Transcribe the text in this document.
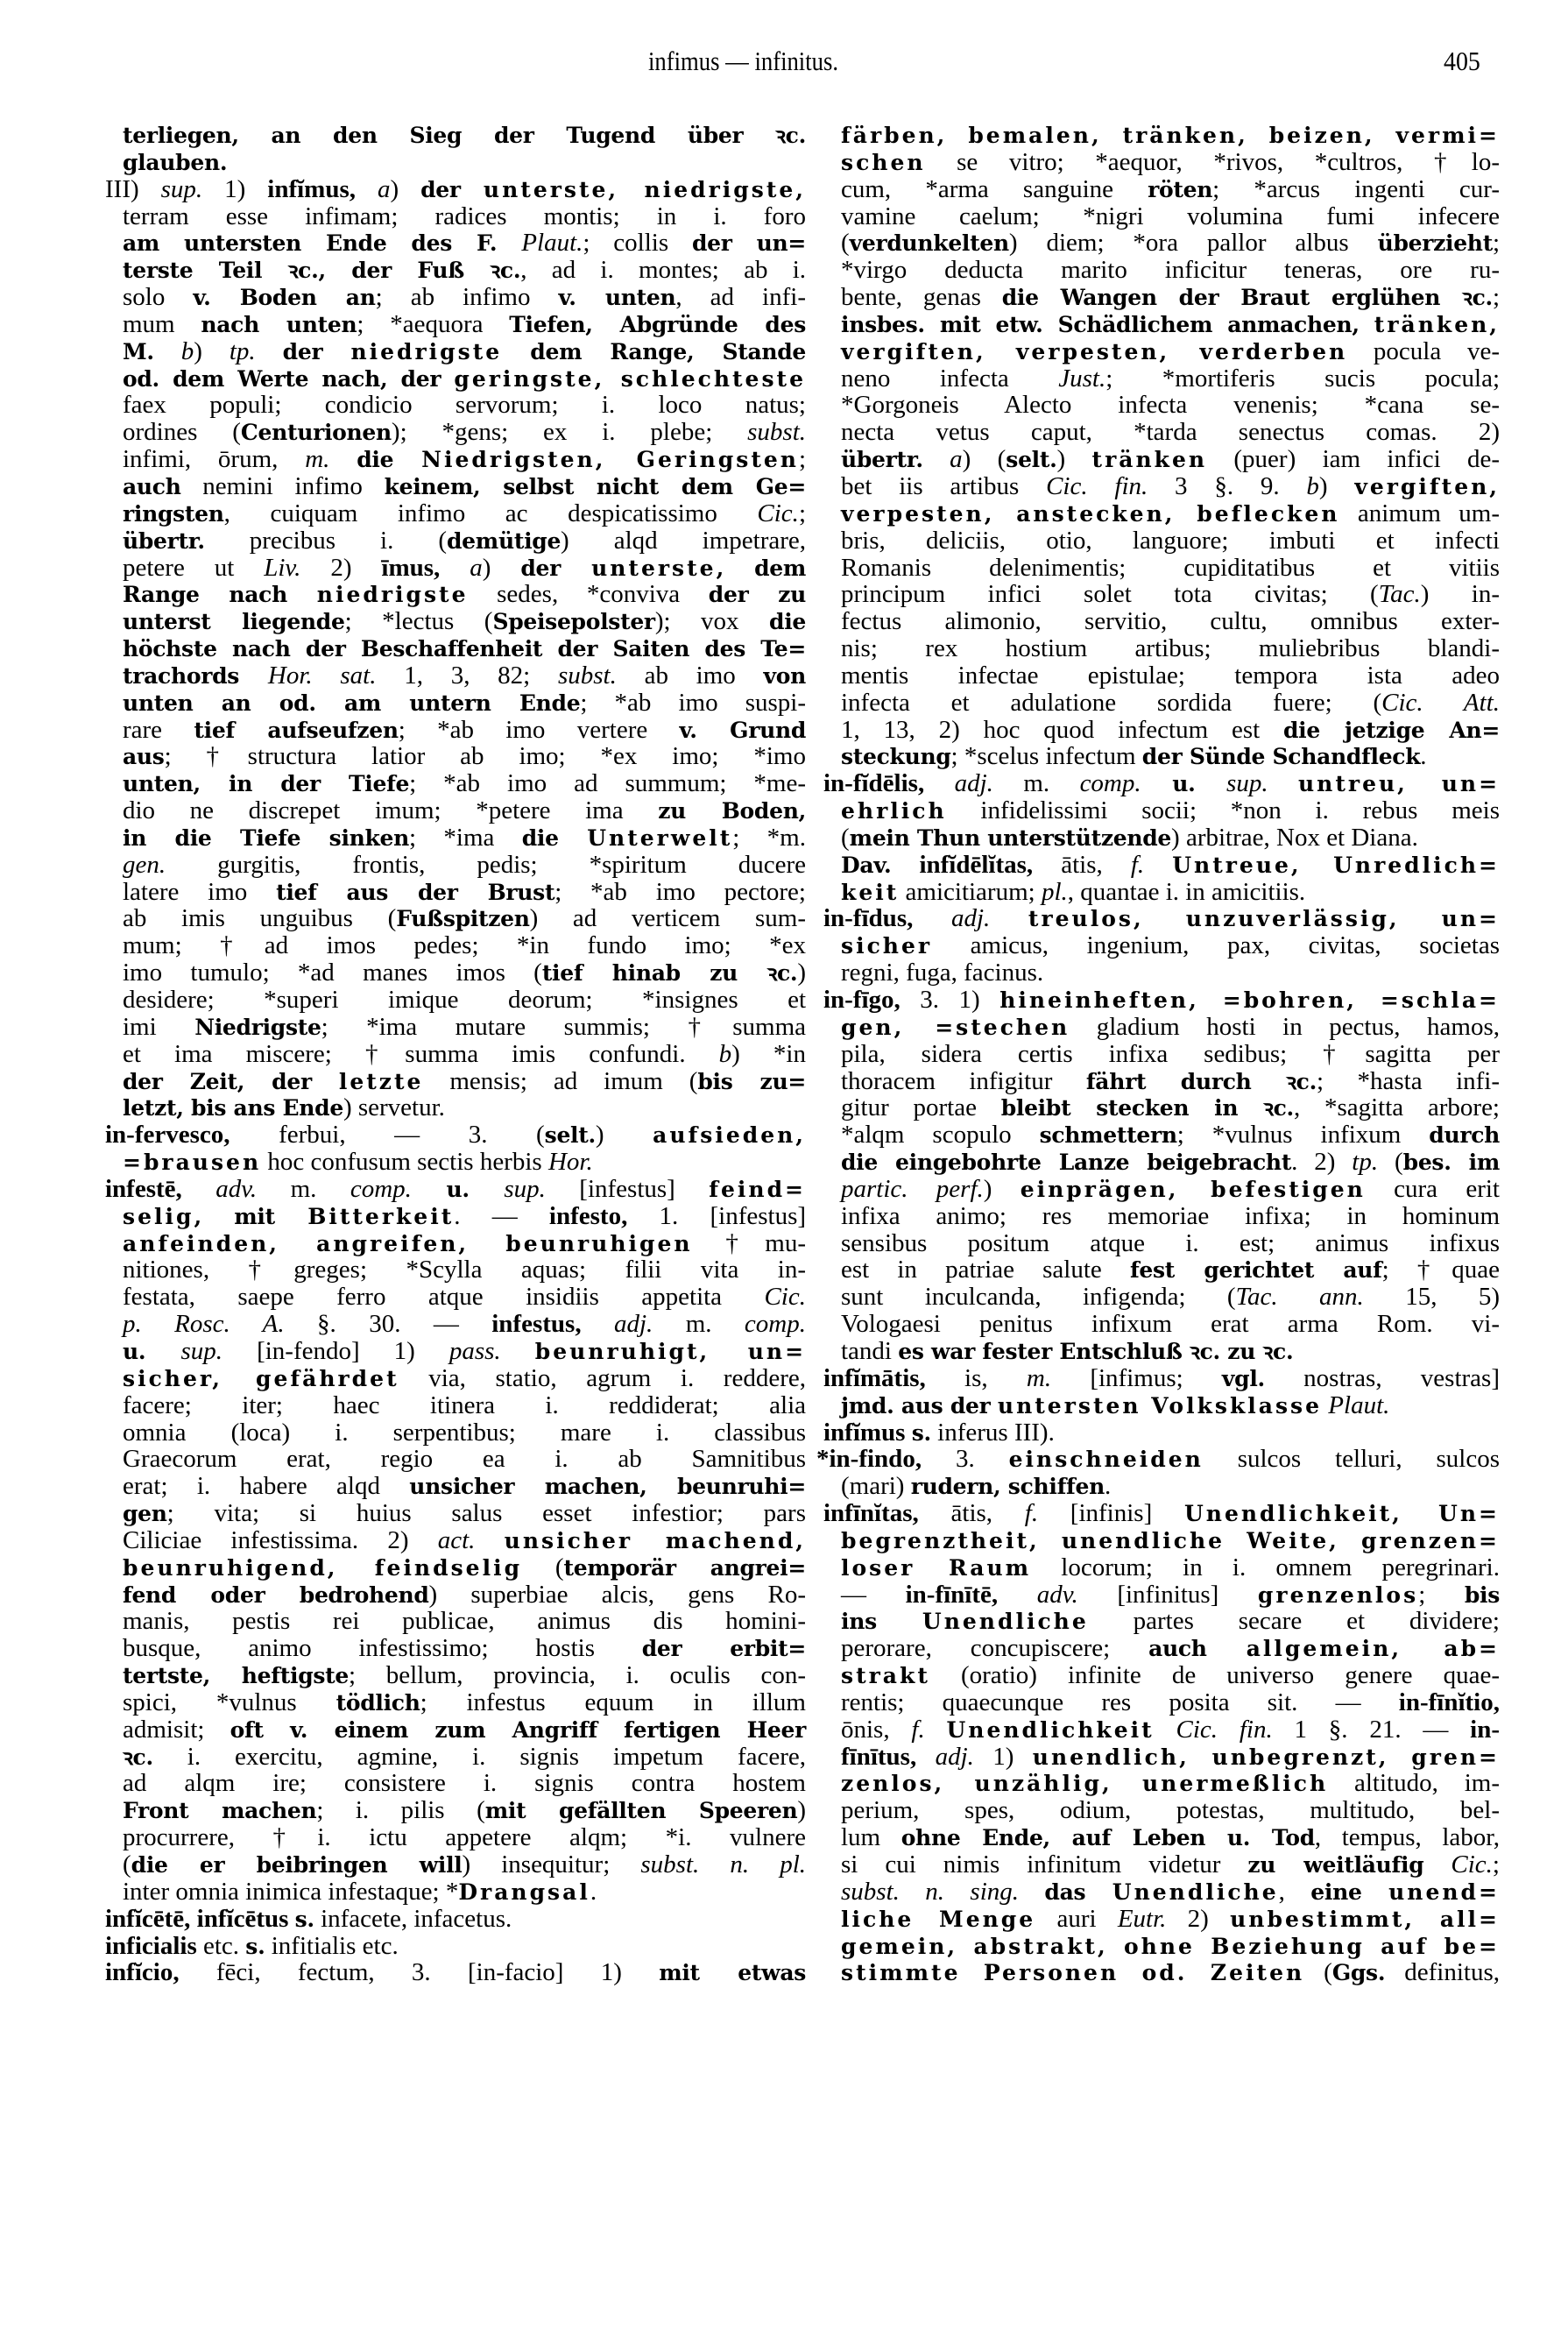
infimus — infinitus.	405
terliegen, an den Sieg der Tugend über ꝛc.
glauben.
III) sup. 1) infĭmus, a) der unterste, niedrigste,
terram esse infimam; radices montis; in i. foro
am untersten Ende des F. Plaut.; collis der un=
terste Teil ꝛc., der Fuß ꝛc., ad i. montes; ab i.
solo v. Boden an; ab infimo v. unten, ad infi-
mum nach unten; *aequora Tiefen, Abgründe des
M. b) tp. der niedrigste dem Range, Stande
od. dem Werte nach, der geringste, schlechteste
faex populi; condicio servorum; i. loco natus;
ordines (Centurionen); *gens; ex i. plebe; subst.
infimi, ōrum, m. die Niedrigsten, Geringsten;
auch nemini infimo keinem, selbst nicht dem Ge=
ringsten, cuiquam infimo ac despicatissimo Cic.;
übertr. precibus i. (demütige) alqd impetrare,
petere ut Liv. 2) īmus, a) der unterste, dem
Range nach niedrigste sedes, *conviva der zu
unterst liegende; *lectus (Speisepolster); vox die
höchste nach der Beschaffenheit der Saiten des Te=
trachords Hor. sat. 1, 3, 82; subst. ab imo von
unten an od. am untern Ende; *ab imo suspi-
rare tief aufseufzen; *ab imo vertere v. Grund
aus; †structura latior ab imo; *ex imo; *imo
unten, in der Tiefe; *ab imo ad summum; *me-
dio ne discrepet imum; *petere ima zu Boden,
in die Tiefe sinken; *ima die Unterwelt; *m.
gen. gurgitis, frontis, pedis; *spiritum ducere
latere imo tief aus der Brust; *ab imo pectore;
ab imis unguibus (Fußspitzen) ad verticem sum-
mum; †ad imos pedes; *in fundo imo; *ex
imo tumulo; *ad manes imos (tief hinab zu ꝛc.)
desidere; *superi imique deorum; *insignes et
imi Niedrigste; *ima mutare summis; †summa
et ima miscere; †summa imis confundi. b) *in
der Zeit, der letzte mensis; ad imum (bis zu=
letzt, bis ans Ende) servetur.
in-fervesco, ferbui, — 3. (selt.) aufsieden,
=brausen hoc confusum sectis herbis Hor.
infestē, adv. m. comp. u. sup. [infestus] feind=
selig, mit Bitterkeit. — infesto, 1. [infestus]
anfeinden, angreifen, beunruhigen †mu-
nitiones, †greges; *Scylla aquas; filii vita in-
festata, saepe ferro atque insidiis appetita Cic.
p. Rosc. A. §. 30. — infestus, adj. m. comp.
u. sup. [in-fendo] 1) pass. beunruhigt, un=
sicher, gefährdet via, statio, agrum i. reddere,
facere; iter; haec itinera i. reddiderat; alia
omnia (loca) i. serpentibus; mare i. classibus
Graecorum erat, regio ea i. ab Samnitibus
erat; i. habere alqd unsicher machen, beunruhi=
gen; vita; si huius salus esset infestior; pars
Ciliciae infestissima. 2) act. unsicher machend,
beunruhigend, feindselig (temporär angrei=
fend oder bedrohend) superbiae alcis, gens Ro-
manis, pestis rei publicae, animus dis homini-
busque, animo infestissimo; hostis der erbit=
tertste, heftigste; bellum, provincia, i. oculis con-
spici, *vulnus tödlich; infestus equum in illum
admisit; oft v. einem zum Angriff fertigen Heer
ꝛc. i. exercitu, agmine, i. signis impetum facere,
ad alqm ire; consistere i. signis contra hostem
Front machen; i. pilis (mit gefällten Speeren)
procurrere, †i. ictu appetere alqm; *i. vulnere
(die er beibringen will) insequitur; subst. n. pl.
inter omnia inimica infestaque; *Drangsal.
infĭcētē, infĭcētus s. infacete, infacetus.
inficialis etc. s. infitialis etc.
infĭcio, fēci, fectum, 3. [in-facio] 1) mit etwas
färben, bemalen, tränken, beizen, vermi=
schen se vitro; *aequor, *rivos, *cultros, †lo-
cum, *arma sanguine röten; *arcus ingenti cur-
vamine caelum; *nigri volumina fumi infecere
(verdunkelten) diem; *ora pallor albus überzieht;
*virgo deducta marito inficitur teneras, ore ru-
bente, genas die Wangen der Braut erglühen ꝛc.;
insbes. mit etw. Schädlichem anmachen, tränken,
vergiften, verpesten, verderben pocula ve-
neno infecta Just.; *mortiferis sucis pocula;
*Gorgoneis Alecto infecta venenis; *cana se-
necta vetus caput, *tarda senectus comas. 2)
übertr. a) (selt.) tränken (puer) iam infici de-
bet iis artibus Cic. fin. 3 §. 9. b) vergiften,
verpesten, anstecken, beflecken animum um-
bris, deliciis, otio, languore; imbuti et infecti
Romanis delenimentis; cupiditatibus et vitiis
principum infici solet tota civitas; (Tac.) in-
fectus alimonio, servitio, cultu, omnibus exter-
nis; rex hostium artibus; muliebribus blandi-
mentis infectae epistulae; tempora ista adeo
infecta et adulatione sordida fuere; (Cic. Att.
1, 13, 2) hoc quod infectum est die jetzige An=
steckung; *scelus infectum der Sünde Schandfleck.
in-fĭdēlis, adj. m. comp. u. sup. untreu, un=
ehrlich infidelissimi socii; *non i. rebus meis
(mein Thun unterstützende) arbitrae, Nox et Diana.
Dav. infĭdēlĭtas, ātis, f. Untreue, Unredlich=
keit amicitiarum; pl., quantae i. in amicitiis.
in-fīdus, adj. treulos, unzuverlässig, un=
sicher amicus, ingenium, pax, civitas, societas
regni, fuga, facinus.
in-fīgo, 3. 1) hineinheften, =bohren, =schla=
gen, =stechen gladium hosti in pectus, hamos,
pila, sidera certis infixa sedibus; †sagitta per
thoracem infigitur fährt durch ꝛc.; *hasta infi-
gitur portae bleibt stecken in ꝛc., *sagitta arbore;
*alqm scopulo schmettern; *vulnus infixum durch
die eingebohrte Lanze beigebracht. 2) tp. (bes. im
partic. perf.) einprägen, befestigen cura erit
infixa animo; res memoriae infixa; in hominum
sensibus positum atque i. est; animus infixus
est in patriae salute fest gerichtet auf; †quae
sunt inculcanda, infigenda; (Tac. ann. 15, 5)
Vologaesi penitus infixum erat arma Rom. vi-
tandi es war fester Entschluß ꝛc. zu ꝛc.
infĭmātis, is, m. [infimus; vgl. nostras, vestras]
jmd. aus der untersten Volksklasse Plaut.
infĭmus s. inferus III).
*in-findo, 3. einschneiden sulcos telluri, sulcos
(mari) rudern, schiffen.
infīnĭtas, ātis, f. [infinis] Unendlichkeit, Un=
begrenztheit, unendliche Weite, grenzen=
loser Raum locorum; in i. omnem peregrinari.
— in-fīnītē, adv. [infinitus] grenzenlos; bis
ins Unendliche partes secare et dividere;
perorare, concupiscere; auch allgemein, ab=
strakt (oratio) infinite de universo genere quae-
rentis; quaecunque res posita sit. — in-fīnĭtio,
ōnis, f. Unendlichkeit Cic. fin. 1 §. 21. — in-
fīnītus, adj. 1) unendlich, unbegrenzt, gren=
zenlos, unzählig, unermeßlich altitudo, im-
perium, spes, odium, potestas, multitudo, bel-
lum ohne Ende, auf Leben u. Tod, tempus, labor,
si cui nimis infinitum videtur zu weitläufig Cic.;
subst. n. sing. das Unendliche, eine unend=
liche Menge auri Eutr. 2) unbestimmt, all=
gemein, abstrakt, ohne Beziehung auf be=
stimmte Personen od. Zeiten (Ggs. definitus,
